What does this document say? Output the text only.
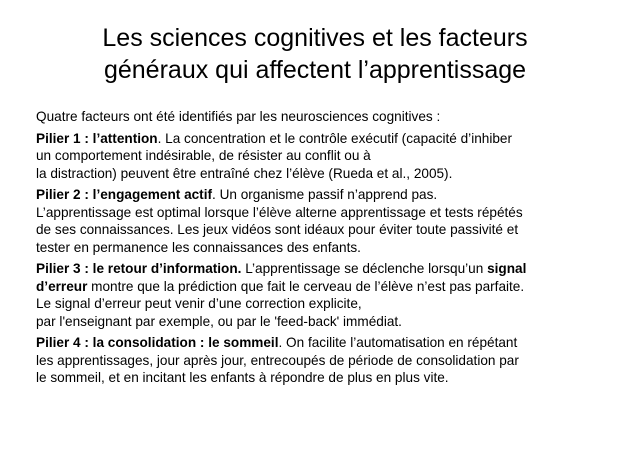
Les sciences cognitives et les facteurs
généraux qui affectent l’apprentissage
Quatre facteurs ont été identifiés par les neurosciences cognitives :
Pilier 1 : l’attention. La concentration et le contrôle exécutif (capacité d’inhiber
un comportement indésirable, de résister au conflit ou à
la distraction) peuvent être entraîné chez l’élève (Rueda et al., 2005).
Pilier 2 : l’engagement actif. Un organisme passif n’apprend pas.
L’apprentissage est optimal lorsque l’élève alterne apprentissage et tests répétés
de ses connaissances. Les jeux vidéos sont idéaux pour éviter toute passivité et
tester en permanence les connaissances des enfants.
Pilier 3 : le retour d’information. L’apprentissage se déclenche lorsqu’un signal
d’erreur montre que la prédiction que fait le cerveau de l’élève n’est pas parfaite.
Le signal d’erreur peut venir d’une correction explicite,
par l'enseignant par exemple, ou par le 'feed-back' immédiat.
Pilier 4 : la consolidation : le sommeil. On facilite l’automatisation en répétant
les apprentissages, jour après jour, entrecoupés de période de consolidation par
le sommeil, et en incitant les enfants à répondre de plus en plus vite.
